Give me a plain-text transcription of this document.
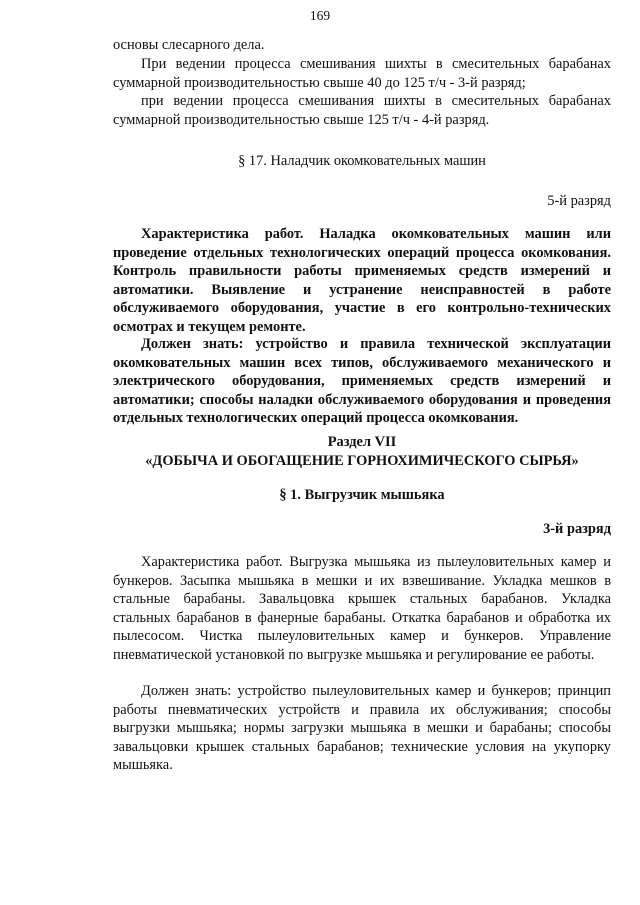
169
основы слесарного дела.
При ведении процесса смешивания шихты в смесительных барабанах суммарной производительностью свыше 40 до 125 т/ч - 3-й разряд;
при ведении процесса смешивания шихты в смесительных барабанах суммарной производительностью свыше 125 т/ч - 4-й разряд.
§ 17. Наладчик окомковательных машин
5-й разряд
Характеристика работ. Наладка окомковательных машин или проведение отдельных технологических операций процесса окомкования. Контроль правильности работы применяемых средств измерений и автоматики. Выявление и устранение неисправностей в работе обслуживаемого оборудования, участие в его контрольно-технических осмотрах и текущем ремонте.
Должен знать: устройство и правила технической эксплуатации окомковательных машин всех типов, обслуживаемого механического и электрического оборудования, применяемых средств измерений и автоматики; способы наладки обслуживаемого оборудования и проведения отдельных технологических операций процесса окомкования.
Раздел VII
«ДОБЫЧА И ОБОГАЩЕНИЕ ГОРНОХИМИЧЕСКОГО СЫРЬЯ»
§ 1. Выгрузчик мышьяка
3-й разряд
Характеристика работ. Выгрузка мышьяка из пылеуловительных камер и бункеров. Засыпка мышьяка в мешки и их взвешивание. Укладка мешков в стальные барабаны. Завальцовка крышек стальных барабанов. Укладка стальных барабанов в фанерные барабаны. Откатка барабанов и обработка их пылесосом. Чистка пылеуловительных камер и бункеров. Управление пневматической установкой по выгрузке мышьяка и регулирование ее работы.
Должен знать: устройство пылеуловительных камер и бункеров; принцип работы пневматических устройств и правила их обслуживания; способы выгрузки мышьяка; нормы загрузки мышьяка в мешки и барабаны; способы завальцовки крышек стальных барабанов; технические условия на укупорку мышьяка.
